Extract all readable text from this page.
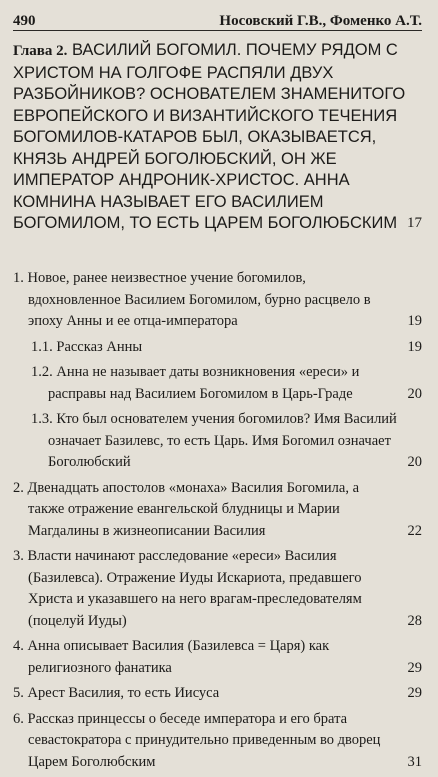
490	Носовский Г.В., Фоменко А.Т.
Глава 2. ВАСИЛИЙ БОГОМИЛ. ПОЧЕМУ РЯДОМ С ХРИСТОМ НА ГОЛГОФЕ РАСПЯЛИ ДВУХ РАЗБОЙНИКОВ? ОСНОВАТЕЛЕМ ЗНАМЕНИТОГО ЕВРОПЕЙСКОГО И ВИЗАНТИЙСКОГО ТЕЧЕНИЯ БОГОМИЛОВ-КАТАРОВ БЫЛ, ОКАЗЫВАЕТСЯ, КНЯЗЬ АНДРЕЙ БОГОЛЮБСКИЙ, ОН ЖЕ ИМПЕРАТОР АНДРОНИК-ХРИСТОС. АННА КОМНИНА НАЗЫВАЕТ ЕГО ВАСИЛИЕМ БОГОМИЛОМ, ТО ЕСТЬ ЦАРЕМ БОГОЛЮБСКИМ 17
1. Новое, ранее неизвестное учение богомилов, вдохновленное Василием Богомилом, бурно расцвело в эпоху Анны и ее отца-императора	19
1.1. Рассказ Анны	19
1.2. Анна не называет даты возникновения «ереси» и расправы над Василием Богомилом в Царь-Граде	20
1.3. Кто был основателем учения богомилов? Имя Василий означает Базилевс, то есть Царь. Имя Богомил означает Боголюбский	20
2. Двенадцать апостолов «монаха» Василия Богомила, а также отражение евангельской блудницы и Марии Магдалины в жизнеописании Василия	22
3. Власти начинают расследование «ереси» Василия (Базилевса). Отражение Иуды Искариота, предавшего Христа и указавшего на него врагам-преследователям (поцелуй Иуды)	28
4. Анна описывает Василия (Базилевса = Царя) как религиозного фанатика	29
5. Арест Василия, то есть Иисуса	29
6. Рассказ принцессы о беседе императора и его брата севастократора с принудительно приведенным во дворец Царем Боголюбским	31
